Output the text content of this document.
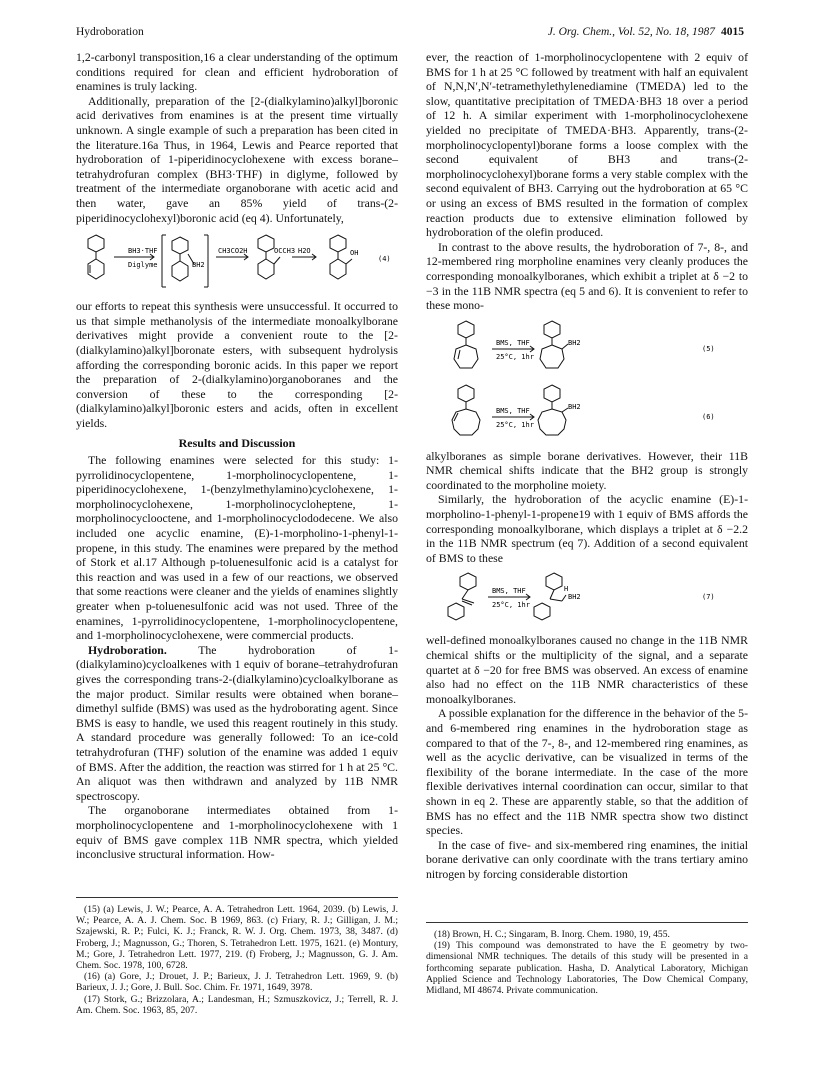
Hydroboration	J. Org. Chem., Vol. 52, No. 18, 1987 4015

1,2-carbonyl transposition,16 a clear understanding of the optimum conditions required for clean and efficient hydroboration of enamines is truly lacking.

Additionally, preparation of the [2-(dialkylamino)alkyl]boronic acid derivatives from enamines is at the present time virtually unknown. A single example of such a preparation has been cited in the literature.16a Thus, in 1964, Lewis and Pearce reported that hydroboration of 1-piperidinocyclohexene with excess borane–tetrahydrofuran complex (BH3·THF) in diglyme, followed by treatment of the intermediate organoborane with acetic acid and then water, gave an 85% yield of trans-(2-piperidinocyclohexyl)boronic acid (eq 4). Unfortunately,

BH3·THF
Diglyme	BH2
CH3CO2H	OCCH3 H2O	OH
(4)

our efforts to repeat this synthesis were unsuccessful. It occurred to us that simple methanolysis of the intermediate monoalkylborane derivatives might provide a convenient route to the [2-(dialkylamino)alkyl]boronate esters, with subsequent hydrolysis affording the corresponding boronic acids. In this paper we report the preparation of 2-(dialkylamino)organoboranes and the conversion of these to the corresponding [2-(dialkylamino)alkyl]boronic esters and acids, often in excellent yields.

Results and Discussion

The following enamines were selected for this study: 1-pyrrolidinocyclopentene, 1-morpholinocyclopentene, 1-piperidinocyclohexene, 1-(benzylmethylamino)cyclohexene, 1-morpholinocyclohexene, 1-morpholinocycloheptene, 1-morpholinocyclooctene, and 1-morpholinocyclododecene. We also included one acyclic enamine, (E)-1-morpholino-1-phenyl-1-propene, in this study. The enamines were prepared by the method of Stork et al.17 Although p-toluenesulfonic acid is a catalyst for this reaction and was used in a few of our reactions, we observed that some reactions were cleaner and the yields of enamines slightly greater when p-toluenesulfonic acid was not used. Three of the enamines, 1-pyrrolidinocyclopentene, 1-morpholinocyclopentene, and 1-morpholinocyclohexene, were commercial products.

Hydroboration. The hydroboration of 1-(dialkylamino)cycloalkenes with 1 equiv of borane–tetrahydrofuran gives the corresponding trans-2-(dialkylamino)cycloalkylborane as the major product. Similar results were obtained when borane–dimethyl sulfide (BMS) was used as the hydroborating agent. Since BMS is easy to handle, we used this reagent routinely in this study. A standard procedure was generally followed: To an ice-cold tetrahydrofuran (THF) solution of the enamine was added 1 equiv of BMS. After the addition, the reaction was stirred for 1 h at 25 °C. An aliquot was then withdrawn and analyzed by 11B NMR spectroscopy.

The organoborane intermediates obtained from 1-morpholinocyclopentene and 1-morpholinocyclohexene with 1 equiv of BMS gave complex 11B NMR spectra, which yielded inconclusive structural information. How-

ever, the reaction of 1-morpholinocyclopentene with 2 equiv of BMS for 1 h at 25 °C followed by treatment with half an equivalent of N,N,N′,N′-tetramethylethylenediamine (TMEDA) led to the slow, quantitative precipitation of TMEDA·BH3 18 over a period of 12 h. A similar experiment with 1-morpholinocyclohexene yielded no precipitate of TMEDA·BH3. Apparently, trans-(2-morpholinocyclopentyl)borane forms a loose complex with the second equivalent of BH3 and trans-(2-morpholinocyclohexyl)borane forms a very stable complex with the second equivalent of BH3. Carrying out the hydroboration at 65 °C or using an excess of BMS resulted in the formation of complex reaction products due to extensive elimination followed by hydroboration of the olefin produced.

In contrast to the above results, the hydroboration of 7-, 8-, and 12-membered ring morpholine enamines very cleanly produces the corresponding monoalkylboranes, which exhibit a triplet at δ −2 to −3 in the 11B NMR spectra (eq 5 and 6). It is convenient to refer to these mono-

BMS, THF
25°C, 1hr
BH2
(5)
BMS, THF
25°C, 1hr
BH2
(6)

alkylboranes as simple borane derivatives. However, their 11B NMR chemical shifts indicate that the BH2 group is strongly coordinated to the morpholine moiety.

Similarly, the hydroboration of the acyclic enamine (E)-1-morpholino-1-phenyl-1-propene19 with 1 equiv of BMS affords the corresponding monoalkylborane, which displays a triplet at δ −2.2 in the 11B NMR spectrum (eq 7). Addition of a second equivalent of BMS to these

BMS, THF
25°C, 1hr
H
BH2	(7)

well-defined monoalkylboranes caused no change in the 11B NMR chemical shifts or the multiplicity of the signal, and a separate quartet at δ −20 for free BMS was observed. An excess of enamine also had no effect on the 11B NMR characteristics of these monoalkylboranes.

A possible explanation for the difference in the behavior of the 5- and 6-membered ring enamines in the hydroboration stage as compared to that of the 7-, 8-, and 12-membered ring enamines, as well as the acyclic derivative, can be visualized in terms of the flexibility of the borane intermediate. In the case of the more flexible derivatives internal coordination can occur, similar to that shown in eq 2. These are apparently stable, so that the addition of BMS has no effect and the 11B NMR spectra show two distinct species.

In the case of five- and six-membered ring enamines, the initial borane derivative can only coordinate with the trans tertiary amino nitrogen by forcing considerable distortion

(15) (a) Lewis, J. W.; Pearce, A. A. Tetrahedron Lett. 1964, 2039. (b) Lewis, J. W.; Pearce, A. A. J. Chem. Soc. B 1969, 863. (c) Friary, R. J.; Gilligan, J. M.; Szajewski, R. P.; Fulci, K. J.; Franck, R. W. J. Org. Chem. 1973, 38, 3487. (d) Froberg, J.; Magnusson, G.; Thoren, S. Tetrahedron Lett. 1975, 1621. (e) Montury, M.; Gore, J. Tetrahedron Lett. 1977, 219. (f) Froberg, J.; Magnusson, G. J. Am. Chem. Soc. 1978, 100, 6728.
(16) (a) Gore, J.; Drouet, J. P.; Barieux, J. J. Tetrahedron Lett. 1969, 9. (b) Barieux, J. J.; Gore, J. Bull. Soc. Chim. Fr. 1971, 1649, 3978.
(17) Stork, G.; Brizzolara, A.; Landesman, H.; Szmuszkovicz, J.; Terrell, R. J. Am. Chem. Soc. 1963, 85, 207.
(18) Brown, H. C.; Singaram, B. Inorg. Chem. 1980, 19, 455.
(19) This compound was demonstrated to have the E geometry by two-dimensional NMR techniques. The details of this study will be presented in a forthcoming separate publication. Hasha, D. Analytical Laboratory, Michigan Applied Science and Technology Laboratories, The Dow Chemical Company, Midland, MI 48674. Private communication.
